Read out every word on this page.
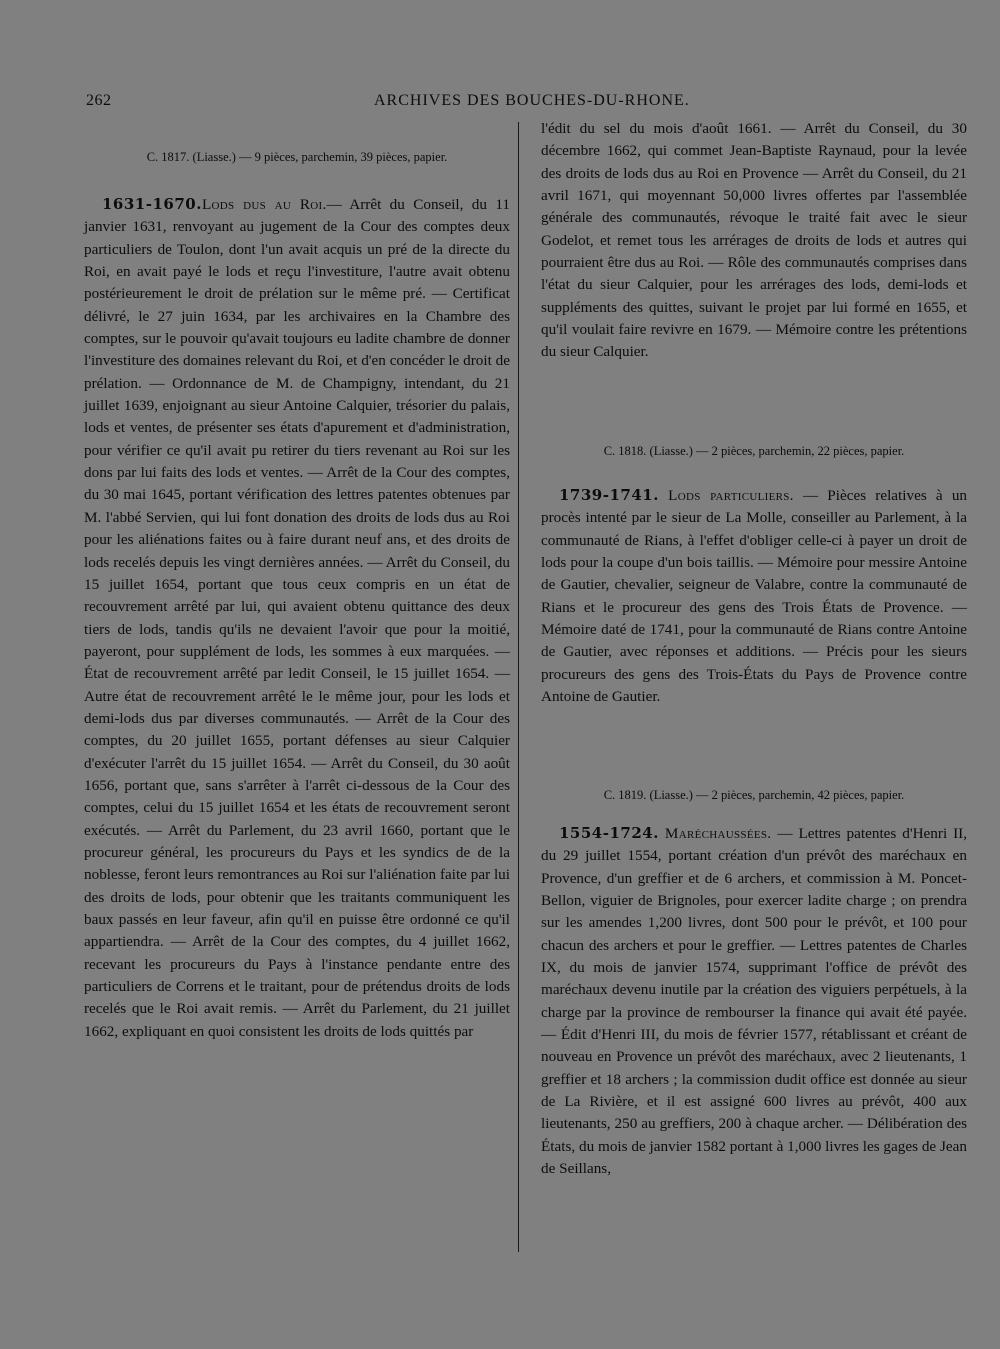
262	ARCHIVES DES BOUCHES-DU-RHONE.
C. 1817. (Liasse.) — 9 pièces, parchemin, 39 pièces, papier.

1631-1670.Lods dus au Roi.— Arrêt du Conseil, du 11 janvier 1631, renvoyant au jugement de la Cour des comptes deux particuliers de Toulon, dont l'un avait acquis un pré de la directe du Roi, en avait payé le lods et reçu l'investiture, l'autre avait obtenu postérieurement le droit de prélation sur le même pré. — Certificat délivré, le 27 juin 1634, par les archivaires en la Chambre des comptes, sur le pouvoir qu'avait toujours eu ladite chambre de donner l'investiture des domaines relevant du Roi, et d'en concéder le droit de prélation. — Ordonnance de M. de Champigny, intendant, du 21 juillet 1639, enjoignant au sieur Antoine Calquier, trésorier du palais, lods et ventes, de présenter ses états d'apurement et d'administration, pour vérifier ce qu'il avait pu retirer du tiers revenant au Roi sur les dons par lui faits des lods et ventes. — Arrêt de la Cour des comptes, du 30 mai 1645, portant vérification des lettres patentes obtenues par M. l'abbé Servien, qui lui font donation des droits de lods dus au Roi pour les aliénations faites ou à faire durant neuf ans, et des droits de lods recelés depuis les vingt dernières années. — Arrêt du Conseil, du 15 juillet 1654, portant que tous ceux compris en un état de recouvrement arrêté par lui, qui avaient obtenu quittance des deux tiers de lods, tandis qu'ils ne devaient l'avoir que pour la moitié, payeront, pour supplément de lods, les sommes à eux marquées. — État de recouvrement arrêté par ledit Conseil, le 15 juillet 1654. — Autre état de recouvrement arrêté le le même jour, pour les lods et demi-lods dus par diverses communautés. — Arrêt de la Cour des comptes, du 20 juillet 1655, portant défenses au sieur Calquier d'exécuter l'arrêt du 15 juillet 1654. — Arrêt du Conseil, du 30 août 1656, portant que, sans s'arrêter à l'arrêt ci-dessous de la Cour des comptes, celui du 15 juillet 1654 et les états de recouvrement seront exécutés. — Arrêt du Parlement, du 23 avril 1660, portant que le procureur général, les procureurs du Pays et les syndics de de la noblesse, feront leurs remontrances au Roi sur l'aliénation faite par lui des droits de lods, pour obtenir que les traitants communiquent les baux passés en leur faveur, afin qu'il en puisse être ordonné ce qu'il appartiendra. — Arrêt de la Cour des comptes, du 4 juillet 1662, recevant les procureurs du Pays à l'instance pendante entre des particuliers de Correns et le traitant, pour de prétendus droits de lods recelés que le Roi avait remis. — Arrêt du Parlement, du 21 juillet 1662, expliquant en quoi consistent les droits de lods quittés par

l'édit du sel du mois d'août 1661. — Arrêt du Conseil, du 30 décembre 1662, qui commet Jean-Baptiste Raynaud, pour la levée des droits de lods dus au Roi en Provence — Arrêt du Conseil, du 21 avril 1671, qui moyennant 50,000 livres offertes par l'assemblée générale des communautés, révoque le traité fait avec le sieur Godelot, et remet tous les arrérages de droits de lods et autres qui pourraient être dus au Roi. — Rôle des communautés comprises dans l'état du sieur Calquier, pour les arrérages des lods, demi-lods et suppléments des quittes, suivant le projet par lui formé en 1655, et qu'il voulait faire revivre en 1679. — Mémoire contre les prétentions du sieur Calquier.

C. 1818. (Liasse.) — 2 pièces, parchemin, 22 pièces, papier.

1739-1741. Lods particuliers. — Pièces relatives à un procès intenté par le sieur de La Molle, conseiller au Parlement, à la communauté de Rians, à l'effet d'obliger celle-ci à payer un droit de lods pour la coupe d'un bois taillis. — Mémoire pour messire Antoine de Gautier, chevalier, seigneur de Valabre, contre la communauté de Rians et le procureur des gens des Trois États de Provence. — Mémoire daté de 1741, pour la communauté de Rians contre Antoine de Gautier, avec réponses et additions. — Précis pour les sieurs procureurs des gens des Trois-États du Pays de Provence contre Antoine de Gautier.

C. 1819. (Liasse.) — 2 pièces, parchemin, 42 pièces, papier.

1554-1724. Maréchaussées. — Lettres patentes d'Henri II, du 29 juillet 1554, portant création d'un prévôt des maréchaux en Provence, d'un greffier et de 6 archers, et commission à M. Poncet-Bellon, viguier de Brignoles, pour exercer ladite charge ; on prendra sur les amendes 1,200 livres, dont 500 pour le prévôt, et 100 pour chacun des archers et pour le greffier. — Lettres patentes de Charles IX, du mois de janvier 1574, supprimant l'office de prévôt des maréchaux devenu inutile par la création des viguiers perpétuels, à la charge par la province de rembourser la finance qui avait été payée. — Édit d'Henri III, du mois de février 1577, rétablissant et créant de nouveau en Provence un prévôt des maréchaux, avec 2 lieutenants, 1 greffier et 18 archers ; la commission dudit office est donnée au sieur de La Rivière, et il est assigné 600 livres au prévôt, 400 aux lieutenants, 250 au greffiers, 200 à chaque archer. — Délibération des États, du mois de janvier 1582 portant à 1,000 livres les gages de Jean de Seillans,
